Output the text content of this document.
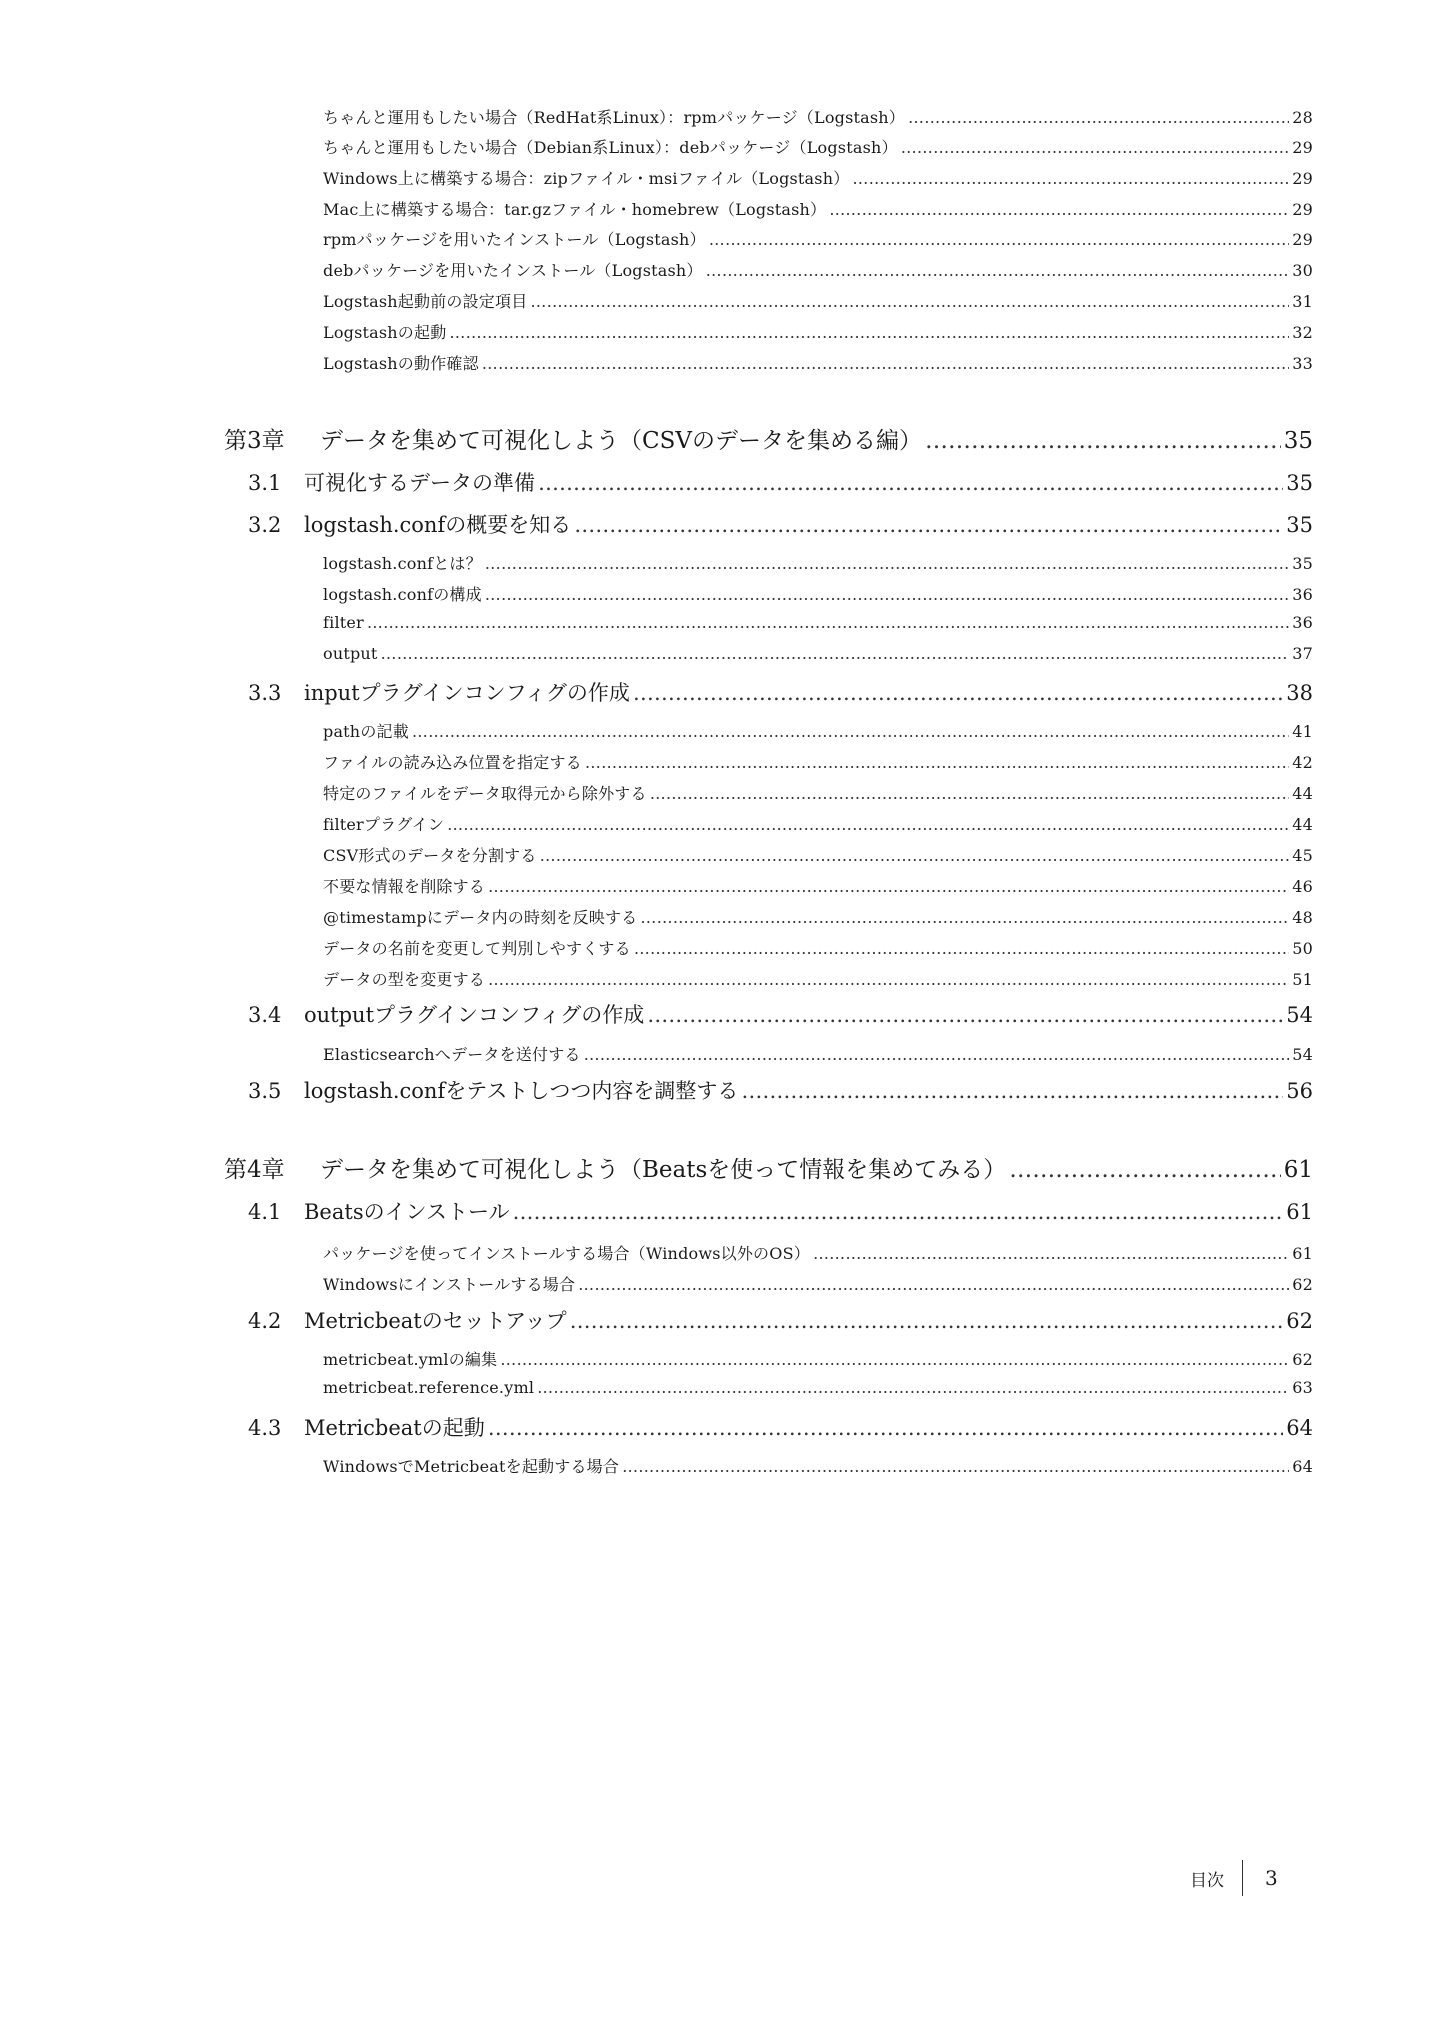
ちゃんと運用もしたい場合（RedHat系Linux）：rpmパッケージ（Logstash） ………………………………………………………………………………………………………………………………………………………………………………………………………………………………………………	28
ちゃんと運用もしたい場合（Debian系Linux）：debパッケージ（Logstash） ………………………………………………………………………………………………………………………………………………………………………………………………………………………………………………	29
Windows上に構築する場合：zipファイル・msiファイル（Logstash） ………………………………………………………………………………………………………………………………………………………………………………………………………………………………………………	29
Mac上に構築する場合：tar.gzファイル・homebrew（Logstash） ………………………………………………………………………………………………………………………………………………………………………………………………………………………………………………	29
rpmパッケージを用いたインストール（Logstash） ………………………………………………………………………………………………………………………………………………………………………………………………………………………………………………	29
debパッケージを用いたインストール（Logstash） ………………………………………………………………………………………………………………………………………………………………………………………………………………………………………………	30
Logstash起動前の設定項目 ………………………………………………………………………………………………………………………………………………………………………………………………………………………………………………	31
Logstashの起動 ………………………………………………………………………………………………………………………………………………………………………………………………………………………………………………	32
Logstashの動作確認 ………………………………………………………………………………………………………………………………………………………………………………………………………………………………………………	33
第3章 データを集めて可視化しよう（CSVのデータを集める編） ………………………………………………………………………………………………………………………………………………………………………………………………………………………………………………	35
3.1 可視化するデータの準備 ………………………………………………………………………………………………………………………………………………………………………………………………………………………………………………	35
3.2 logstash.confの概要を知る ………………………………………………………………………………………………………………………………………………………………………………………………………………………………………………	35
logstash.confとは？ ………………………………………………………………………………………………………………………………………………………………………………………………………………………………………………	35
logstash.confの構成 ………………………………………………………………………………………………………………………………………………………………………………………………………………………………………………	36
filter ………………………………………………………………………………………………………………………………………………………………………………………………………………………………………………	36
output ………………………………………………………………………………………………………………………………………………………………………………………………………………………………………………	37
3.3 inputプラグインコンフィグの作成 ………………………………………………………………………………………………………………………………………………………………………………………………………………………………………………	38
pathの記載 ………………………………………………………………………………………………………………………………………………………………………………………………………………………………………………	41
ファイルの読み込み位置を指定する ………………………………………………………………………………………………………………………………………………………………………………………………………………………………………………	42
特定のファイルをデータ取得元から除外する ………………………………………………………………………………………………………………………………………………………………………………………………………………………………………………	44
filterプラグイン ………………………………………………………………………………………………………………………………………………………………………………………………………………………………………………	44
CSV形式のデータを分割する ………………………………………………………………………………………………………………………………………………………………………………………………………………………………………………	45
不要な情報を削除する ………………………………………………………………………………………………………………………………………………………………………………………………………………………………………………	46
@timestampにデータ内の時刻を反映する ………………………………………………………………………………………………………………………………………………………………………………………………………………………………………………	48
データの名前を変更して判別しやすくする ………………………………………………………………………………………………………………………………………………………………………………………………………………………………………………	50
データの型を変更する ………………………………………………………………………………………………………………………………………………………………………………………………………………………………………………	51
3.4 outputプラグインコンフィグの作成 ………………………………………………………………………………………………………………………………………………………………………………………………………………………………………………	54
Elasticsearchへデータを送付する ………………………………………………………………………………………………………………………………………………………………………………………………………………………………………………	54
3.5 logstash.confをテストしつつ内容を調整する ………………………………………………………………………………………………………………………………………………………………………………………………………………………………………………	56
第4章 データを集めて可視化しよう（Beatsを使って情報を集めてみる） ………………………………………………………………………………………………………………………………………………………………………………………………………………………………………………	61
4.1 Beatsのインストール ………………………………………………………………………………………………………………………………………………………………………………………………………………………………………………	61
パッケージを使ってインストールする場合（Windows以外のOS） ………………………………………………………………………………………………………………………………………………………………………………………………………………………………………………	61
Windowsにインストールする場合 ………………………………………………………………………………………………………………………………………………………………………………………………………………………………………………	62
4.2 Metricbeatのセットアップ ………………………………………………………………………………………………………………………………………………………………………………………………………………………………………………	62
metricbeat.ymlの編集 ………………………………………………………………………………………………………………………………………………………………………………………………………………………………………………	62
metricbeat.reference.yml ………………………………………………………………………………………………………………………………………………………………………………………………………………………………………………	63
4.3 Metricbeatの起動 ………………………………………………………………………………………………………………………………………………………………………………………………………………………………………………	64
WindowsでMetricbeatを起動する場合 ………………………………………………………………………………………………………………………………………………………………………………………………………………………………………………	64
目次 3
